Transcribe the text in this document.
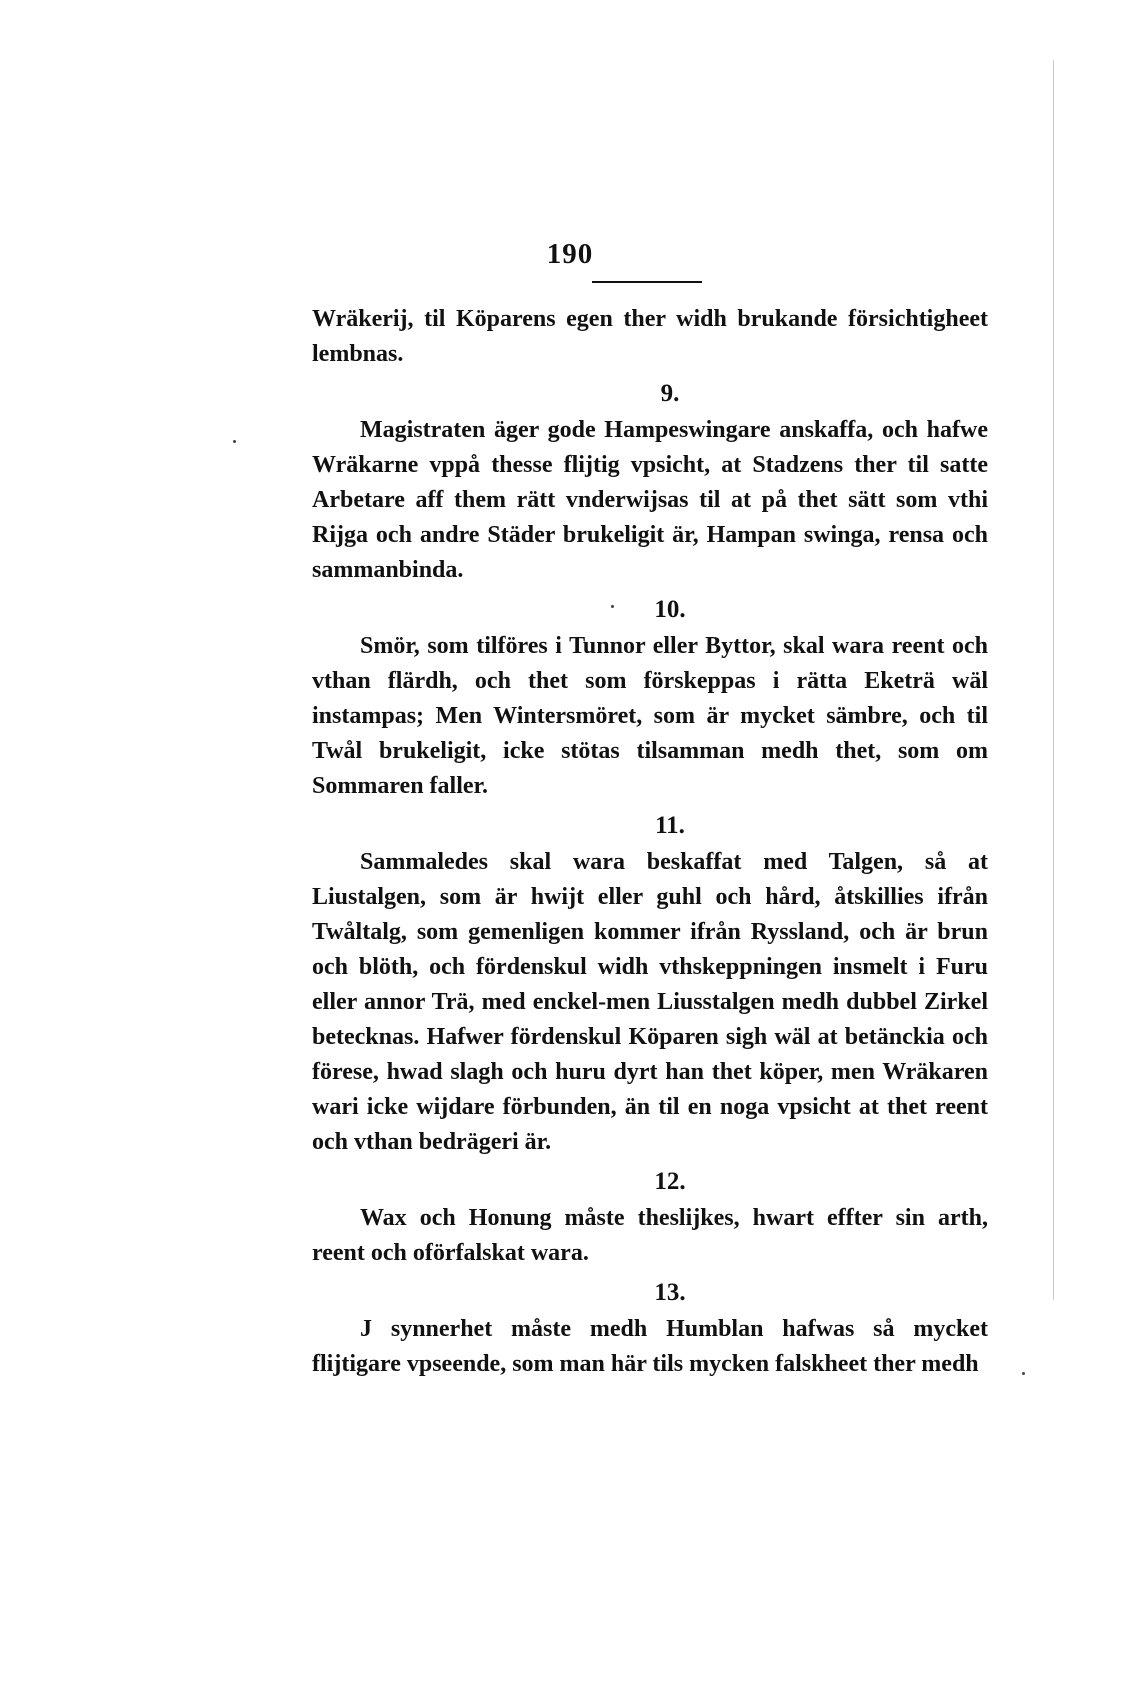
190

Wräkerij, til Köparens egen ther widh brukande försichtigheet lembnas.

9.

Magistraten äger gode Hampeswingare anskaffa, och hafwe Wräkarne vppå thesse flijtig vpsicht, at Stadzens ther til satte Arbetare aff them rätt vnderwijsas til at på thet sätt som vthi Rijga och andre Städer brukeligit är, Hampan swinga, rensa och sammanbinda.

10.

Smör, som tilföres i Tunnor eller Byttor, skal wara reent och vthan flärdh, och thet som förskeppas i rätta Eketrä wäl instampas; Men Wintersmöret, som är mycket sämbre, och til Twål brukeligit, icke stötas tilsamman medh thet, som om Sommaren faller.

11.

Sammaledes skal wara beskaffat med Talgen, så at Liustalgen, som är hwijt eller guhl och hård, åtskillies ifrån Twåltalg, som gemenligen kommer ifrån Ryssland, och är brun och blöth, och fördenskul widh vthskeppningen insmelt i Furu eller annor Trä, med enckel-men Liusstalgen medh dubbel Zirkel betecknas. Hafwer fördenskul Köparen sigh wäl at betänckia och förese, hwad slagh och huru dyrt han thet köper, men Wräkaren wari icke wijdare förbunden, än til en noga vpsicht at thet reent och vthan bedrägeri är.

12.

Wax och Honung måste theslijkes, hwart effter sin arth, reent och oförfalskat wara.

13.

J synnerhet måste medh Humblan hafwas så mycket flijtigare vpseende, som man här tils mycken falskheet ther medh
